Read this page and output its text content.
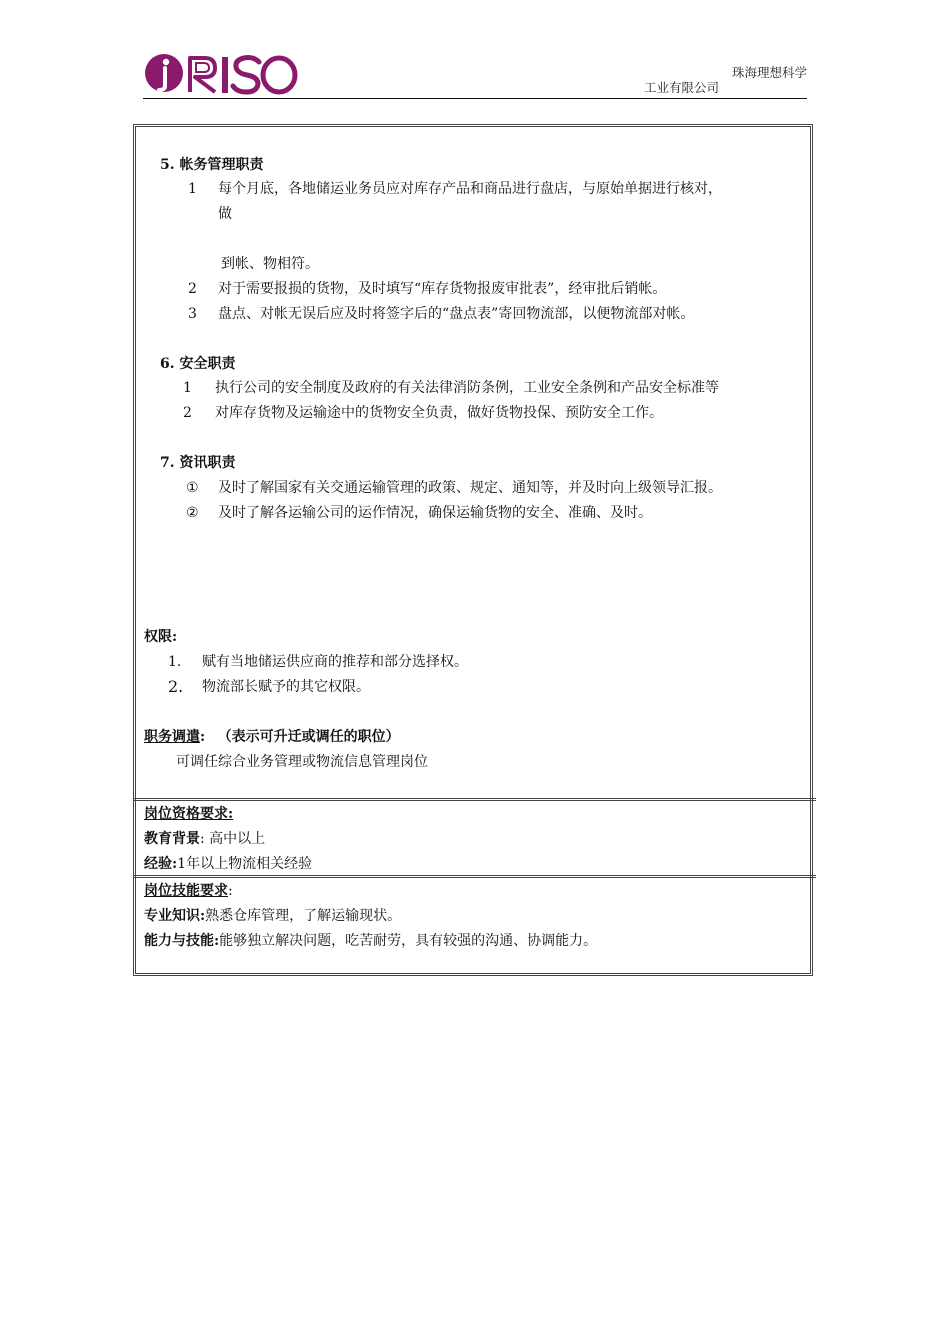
珠海理想科学
工业有限公司
5. 帐务管理职责
1 每个月底，各地储运业务员应对库存产品和商品进行盘店，与原始单据进行核对，
做
到帐、物相符。
2 对于需要报损的货物，及时填写“库存货物报废审批表”，经审批后销帐。
3 盘点、对帐无误后应及时将签字后的“盘点表”寄回物流部，以便物流部对帐。
6. 安全职责
1 执行公司的安全制度及政府的有关法律消防条例，工业安全条例和产品安全标准等
2 对库存货物及运输途中的货物安全负责，做好货物投保、预防安全工作。
7. 资讯职责
① 及时了解国家有关交通运输管理的政策、规定、通知等，并及时向上级领导汇报。
② 及时了解各运输公司的运作情况，确保运输货物的安全、准确、及时。
权限:
1. 赋有当地储运供应商的推荐和部分选择权。
2. 物流部长赋予的其它权限。
职务调遣: （表示可升迁或调任的职位）
可调任综合业务管理或物流信息管理岗位
岗位资格要求:
教育背景: 高中以上
经验:1年以上物流相关经验
岗位技能要求:
专业知识:熟悉仓库管理，了解运输现状。
能力与技能:能够独立解决问题，吃苦耐劳，具有较强的沟通、协调能力。
